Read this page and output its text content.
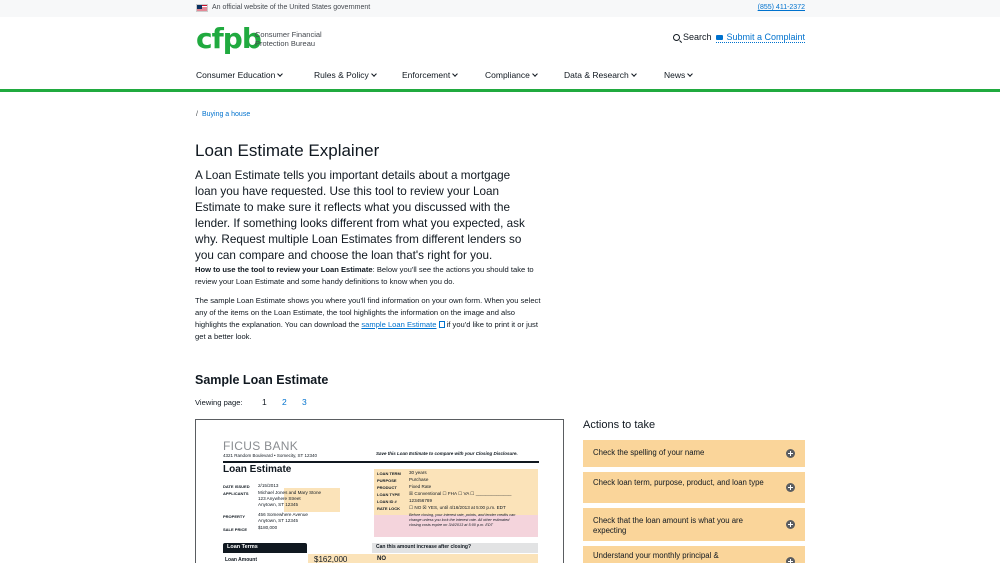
An official website of the United States government	(855) 411-2372
cfpb
Consumer Financial Protection Bureau
Search	Submit a Complaint
Consumer Education	Rules & Policy	Enforcement	Compliance	Data & Research	News
/ Buying a house
Loan Estimate Explainer

A Loan Estimate tells you important details about a mortgage loan you have requested. Use this tool to review your Loan Estimate to make sure it reflects what you discussed with the lender. If something looks different from what you expected, ask why. Request multiple Loan Estimates from different lenders so you can compare and choose the loan that's right for you.

How to use the tool to review your Loan Estimate: Below you'll see the actions you should take to review your Loan Estimate and some handy definitions to know when you do.

The sample Loan Estimate shows you where you'll find information on your own form. When you select any of the items on the Loan Estimate, the tool highlights the information on the image and also highlights the explanation. You can download the sample Loan Estimate if you'd like to print it or just get a better look.

Sample Loan Estimate
Viewing page: 1 2 3
FICUS BANK
4321 Random Boulevard • Somecity, ST 12340	Save this Loan Estimate to compare with your Closing Disclosure.
Loan Estimate
DATE ISSUED 2/15/2013
APPLICANTS Michael Jones and Mary Stone
123 Anywhere Street
Anytown, ST 12345
PROPERTY	456 Somewhere Avenue
Anytown, ST 12345
SALE PRICE $180,000
LOAN TERM 30 years
PURPOSE	Purchase
PRODUCT	Fixed Rate
LOAN TYPE ☒ Conventional ☐ FHA ☐ VA ☐ ______________
LOAN ID #	123456789
RATE LOCK ☐ NO ☒ YES, until 4/16/2013 at 5:00 p.m. EDT
Before closing, your interest rate, points, and lender credits can
change unless you lock the interest rate. All other estimated
closing costs expire on 3/4/2013 at 5:00 p.m. EDT
Loan Terms	Can this amount increase after closing?
Loan Amount	$162,000	NO
Actions to take
Check the spelling of your name
Check loan term, purpose, product, and loan type
Check that the loan amount is what you are expecting
Understand your monthly principal &
